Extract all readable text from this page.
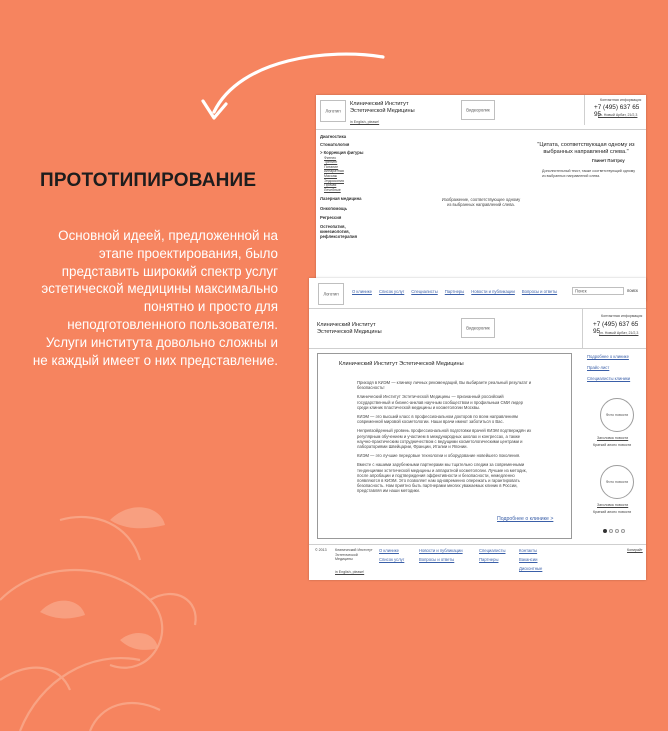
ПРОТОТИПИРОВАНИЕ
Основной идеей, предложенной на этапе проектирования, было представить широкий спектр услуг эстетической медицины максимально понятно и просто для неподготовленного пользователя. Услуги института довольно сложны и не каждый имеет о них представление.
Логотип
Клинический Институт Эстетической Медицины
in English, please!
Видеоролик
Контактная информация
+7 (495) 637 65 95
ул. Новый Арбат, 21/2,3
Диагностика
Стоматология
> Коррекция фигуры
Фитнес
Тренинг
Питание
Аппаратная
Массаж
Эндоскопия
Прочая
Лечебные
Лазерная медицина
Онкопомощь
Регрессия
Остеопатия, кинезиология, рефлексотерапия
Изображение, соответствующее одному из выбранных направлений слева.
"Цитата, соответствующая одному из выбранных направлений слева."
Гвинет Пэлтроу
Дополнительный текст, также соответствующий одному из выбранных направлений слева.
Логотип	О клинике Список услуг Специалисты Партнеры Новости и публикации Вопросы и ответы	Поиск	поиск
Клинический Институт Эстетической Медицины
Видеоролик
Контактная информация
+7 (495) 637 65 95
ул. Новый Арбат, 21/2,3
Клинический Институт Эстетической Медицины

Приходя в КИЭМ — клинику личных рекомендаций, Вы выбираете реальный результат и безопасность!

Клинический Институт Эстетической Медицины — признанный российский государственный и бизнес-анклав научным сообществом и профильным СМИ лидер среди клиник пластической медицины и косметологии Москвы.

КИЭМ — это высший класс в профессиональном докторов по всем направлениям современной мировой косметологии. Наши врачи имеют заботиться о Вас.

Непревзойденный уровень профессиональной подготовки врачей КИЭМ подтверждён их регулярным обучением и участием в международных школах и конгрессах, а также научно-практическим сотрудничеством с ведущими косметологическими центрами и лабораториями Швейцарии, Франции, Италии и Японии.

КИЭМ — это лучшие передовые технологии и оборудование новейшего поколения.

Вместе с нашими зарубежными партнерами мы тщательно следим за современными тенденциями эстетической медицины и аппаратной косметологии. Лучшие из методик, после апробации и подтверждения эффективности и безопасности, немедленно появляются в КИЭМ. Это позволяет нам одновременно опережать и гарантировать безопасность. Нам приятно быть партнерами многих уважаемых клиник в России, представляя им наши методики.

Подробнее о клинике >
Подробнее о клинике
Прайс-лист
Специалисты клиники
Фото новости
Заголовок новости
Краткий анонс новости
Фото новости
Заголовок новости
Краткий анонс новости
© 2013 Клинический Институт Эстетической Медицины
in English, please!
О клинике
Список услуг
Новости и публикации
Вопросы и ответы
Специалисты
Партнеры
Контакты
Вакансии
Дисконтные
Копирайт
